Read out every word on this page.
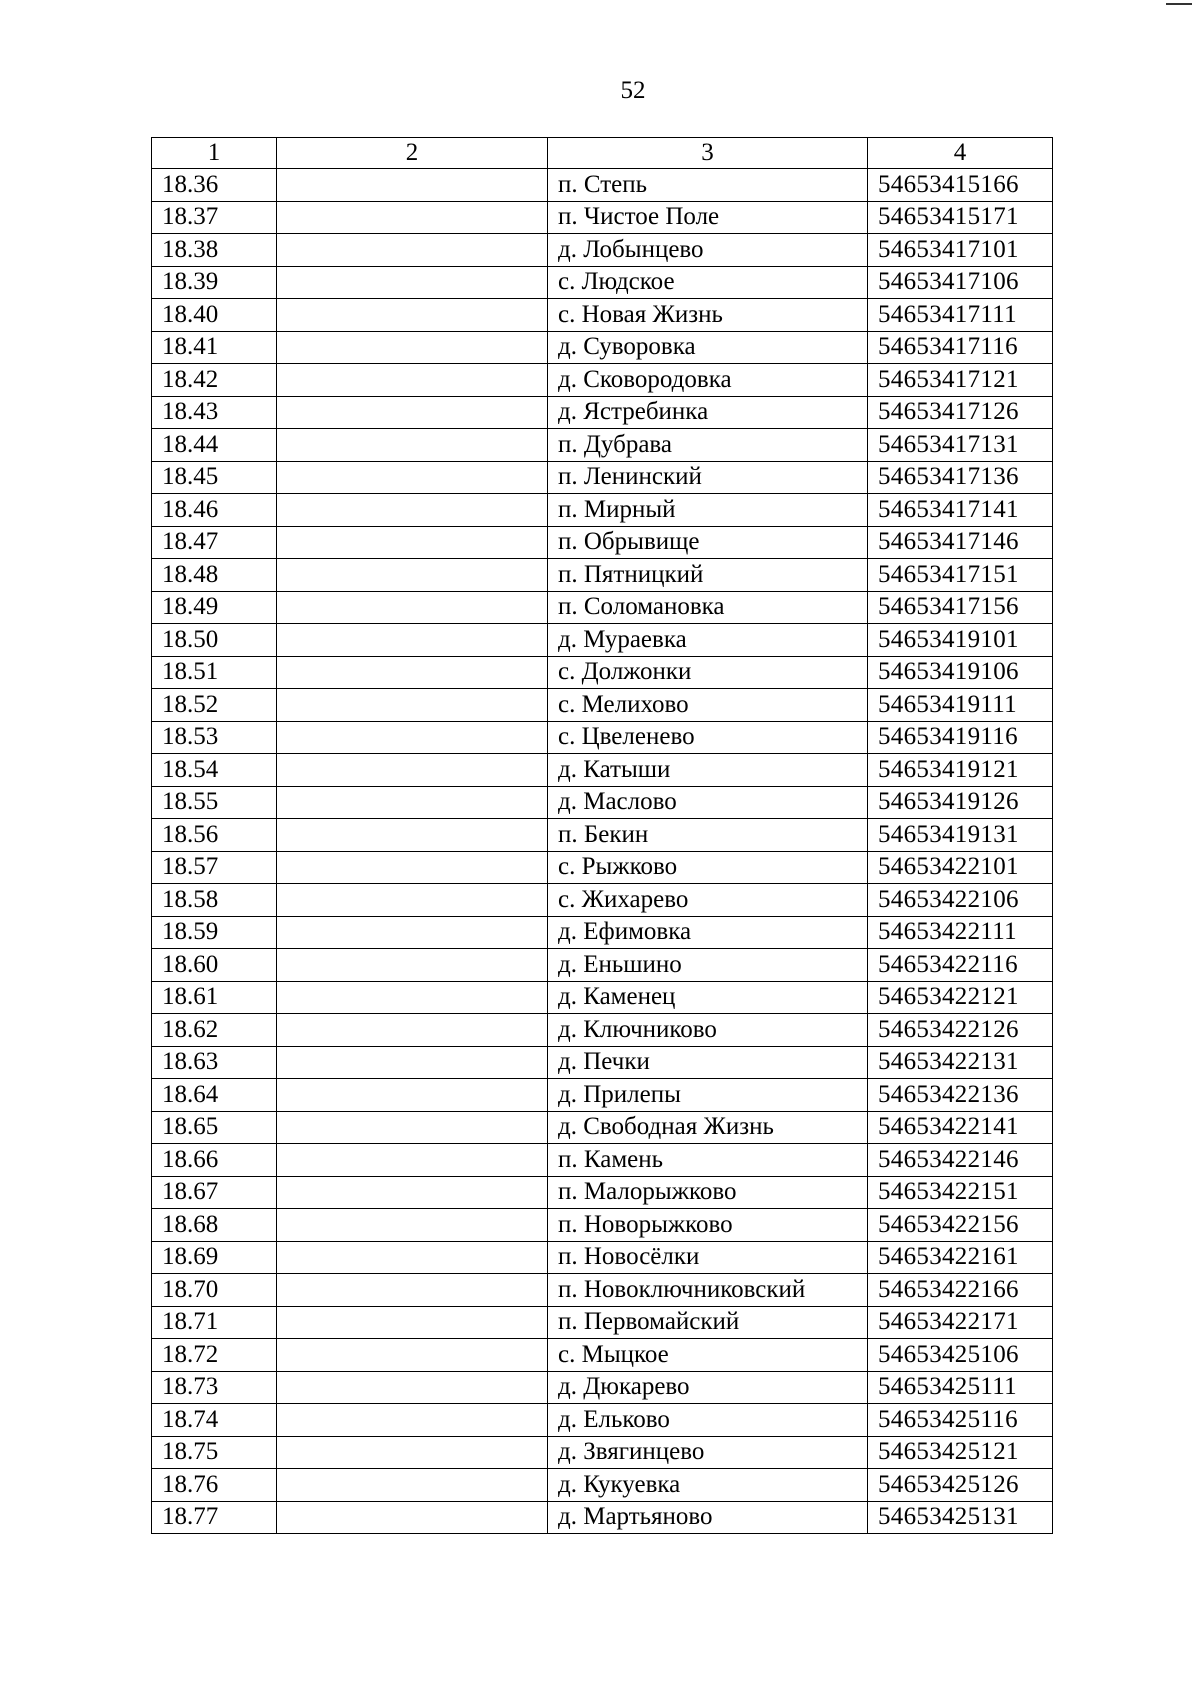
52
1	2	3	4
18.36		п. Степь	54653415166
18.37		п. Чистое Поле	54653415171
18.38		д. Лобынцево	54653417101
18.39		с. Людское	54653417106
18.40		с. Новая Жизнь	54653417111
18.41		д. Суворовка	54653417116
18.42		д. Сковородовка	54653417121
18.43		д. Ястребинка	54653417126
18.44		п. Дубрава	54653417131
18.45		п. Ленинский	54653417136
18.46		п. Мирный	54653417141
18.47		п. Обрывище	54653417146
18.48		п. Пятницкий	54653417151
18.49		п. Соломановка	54653417156
18.50		д. Мураевка	54653419101
18.51		с. Должонки	54653419106
18.52		с. Мелихово	54653419111
18.53		с. Цвеленево	54653419116
18.54		д. Катыши	54653419121
18.55		д. Маслово	54653419126
18.56		п. Бекин	54653419131
18.57		с. Рыжково	54653422101
18.58		с. Жихарево	54653422106
18.59		д. Ефимовка	54653422111
18.60		д. Еньшино	54653422116
18.61		д. Каменец	54653422121
18.62		д. Ключниково	54653422126
18.63		д. Печки	54653422131
18.64		д. Прилепы	54653422136
18.65		д. Свободная Жизнь	54653422141
18.66		п. Камень	54653422146
18.67		п. Малорыжково	54653422151
18.68		п. Новорыжково	54653422156
18.69		п. Новосёлки	54653422161
18.70		п. Новоключниковский	54653422166
18.71		п. Первомайский	54653422171
18.72		с. Мыцкое	54653425106
18.73		д. Дюкарево	54653425111
18.74		д. Ельково	54653425116
18.75		д. Звягинцево	54653425121
18.76		д. Кукуевка	54653425126
18.77		д. Мартьяново	54653425131
